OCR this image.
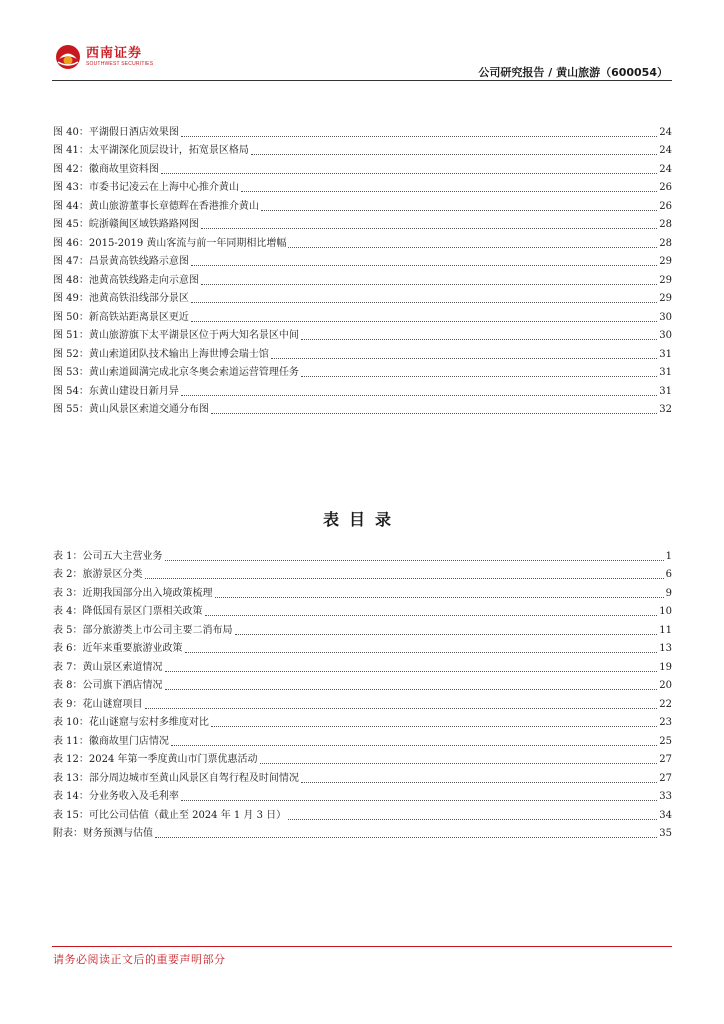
西南证券
SOUTHWEST SECURITIES
公司研究报告 / 黄山旅游（600054）
图 40：平湖假日酒店效果图	24
图 41：太平湖深化顶层设计，拓宽景区格局	24
图 42：徽商故里资料图	24
图 43：市委书记凌云在上海中心推介黄山	26
图 44：黄山旅游董事长章德辉在香港推介黄山	26
图 45：皖浙赣闽区域铁路路网图	28
图 46：2015-2019 黄山客流与前一年同期相比增幅	28
图 47：昌景黄高铁线路示意图	29
图 48：池黄高铁线路走向示意图	29
图 49：池黄高铁沿线部分景区	29
图 50：新高铁站距离景区更近	30
图 51：黄山旅游旗下太平湖景区位于两大知名景区中间	30
图 52：黄山索道团队技术输出上海世博会瑞士馆	31
图 53：黄山索道圆满完成北京冬奥会索道运营管理任务	31
图 54：东黄山建设日新月异	31
图 55：黄山风景区索道交通分布图	32
表目录
表 1：公司五大主营业务	1
表 2：旅游景区分类	6
表 3：近期我国部分出入境政策梳理	9
表 4：降低国有景区门票相关政策	10
表 5：部分旅游类上市公司主要二消布局	11
表 6：近年来重要旅游业政策	13
表 7：黄山景区索道情况	19
表 8：公司旗下酒店情况	20
表 9：花山谜窟项目	22
表 10：花山谜窟与宏村多维度对比	23
表 11：徽商故里门店情况	25
表 12：2024 年第一季度黄山市门票优惠活动	27
表 13：部分周边城市至黄山风景区自驾行程及时间情况	27
表 14：分业务收入及毛利率	33
表 15：可比公司估值（截止至 2024 年 1 月 3 日）	34
附表：财务预测与估值	35
请务必阅读正文后的重要声明部分
